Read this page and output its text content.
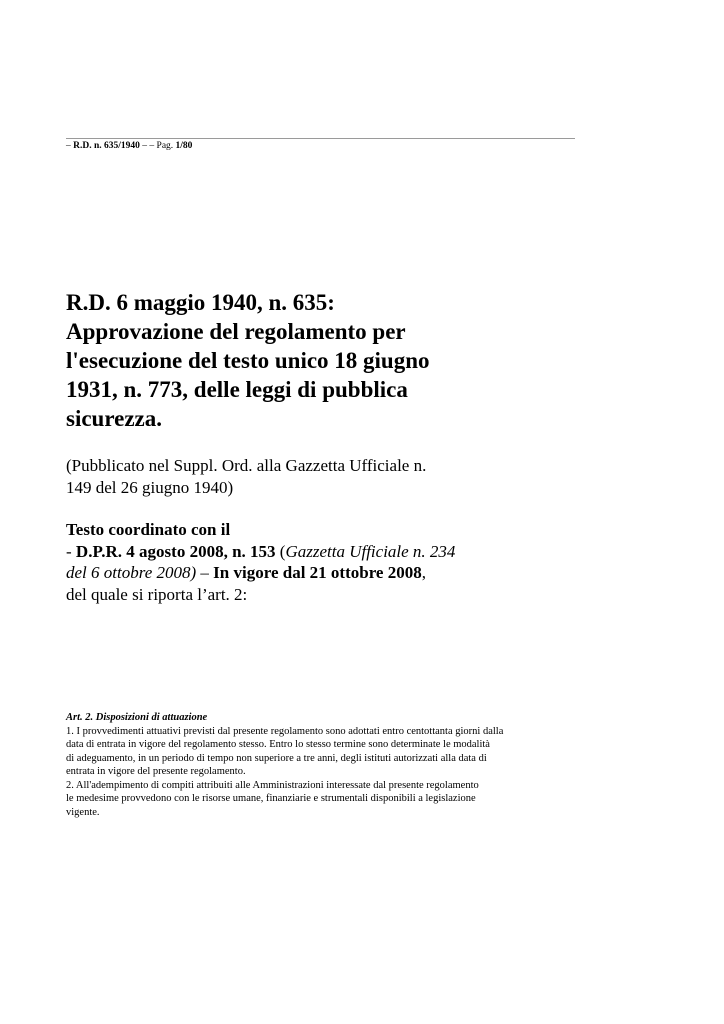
– R.D. n. 635/1940 – – Pag. 1/80
R.D. 6 maggio 1940, n. 635:
Approvazione del regolamento per
l'esecuzione del testo unico 18 giugno
1931, n. 773, delle leggi di pubblica
sicurezza.

(Pubblicato nel Suppl. Ord. alla Gazzetta Ufficiale n.
149 del 26 giugno 1940)

Testo coordinato con il
- D.P.R. 4 agosto 2008, n. 153 (Gazzetta Ufficiale n. 234
del 6 ottobre 2008) – In vigore dal 21 ottobre 2008,
del quale si riporta l’art. 2:
Art. 2. Disposizioni di attuazione
1. I provvedimenti attuativi previsti dal presente regolamento sono adottati entro centottanta giorni dalla
data di entrata in vigore del regolamento stesso. Entro lo stesso termine sono determinate le modalità
di adeguamento, in un periodo di tempo non superiore a tre anni, degli istituti autorizzati alla data di
entrata in vigore del presente regolamento.
2. All'adempimento di compiti attribuiti alle Amministrazioni interessate dal presente regolamento
le medesime provvedono con le risorse umane, finanziarie e strumentali disponibili a legislazione
vigente.
